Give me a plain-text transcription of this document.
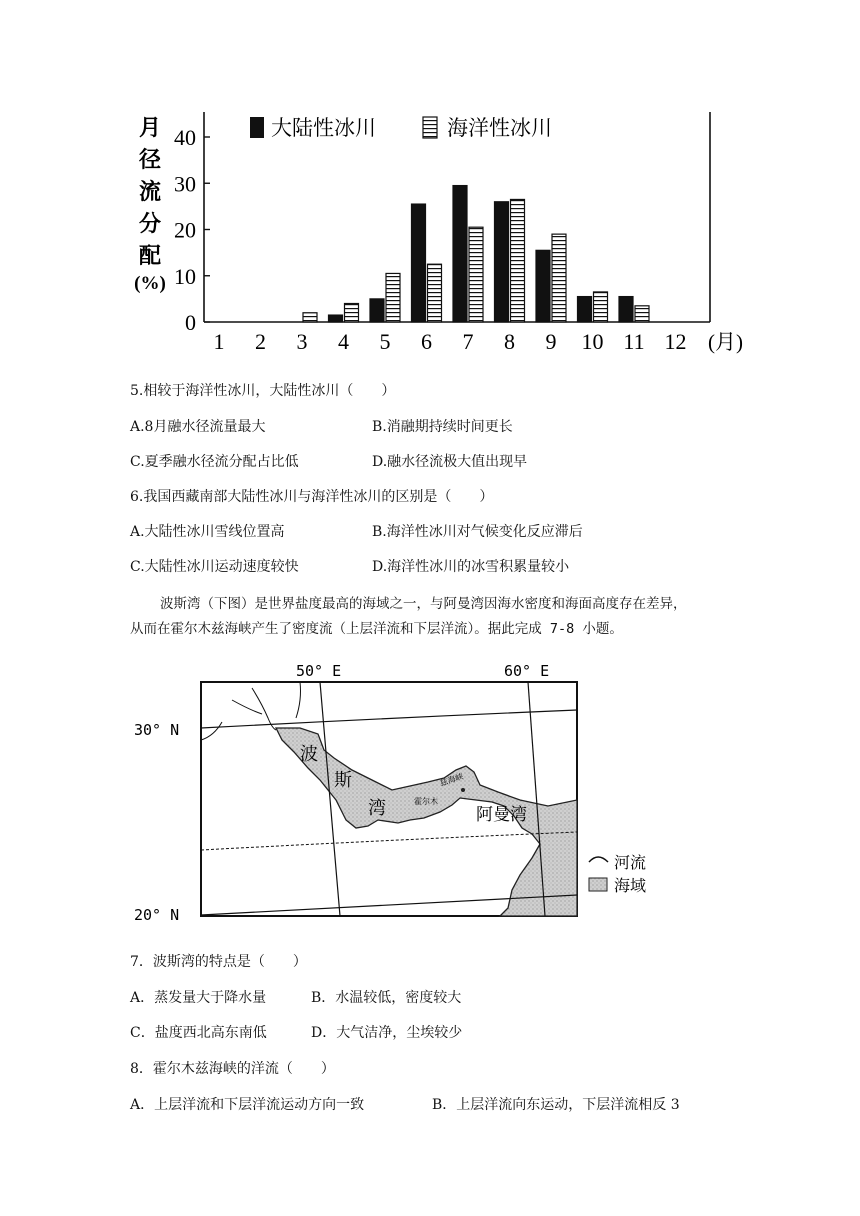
月
径
流
分
配
(%)
0
10
20
30
40
1 2 3 4 5 6 7 8 9 10 11 12
大陆性冰川	海洋性冰川
(月)
5.相较于海洋性冰川，大陆性冰川（　　）
A.8月融水径流量最大	B.消融期持续时间更长
C.夏季融水径流分配占比低	D.融水径流极大值出现早
6.我国西藏南部大陆性冰川与海洋性冰川的区别是（　　）
A.大陆性冰川雪线位置高	B.海洋性冰川对气候变化反应滞后
C.大陆性冰川运动速度较快	D.海洋性冰川的冰雪积累量较小
波斯湾（下图）是世界盐度最高的海域之一，与阿曼湾因海水密度和海面高度存在差异，
从而在霍尔木兹海峡产生了密度流（上层洋流和下层洋流）。据此完成 7-8 小题。
50° E	60° E
30° N
20° N
波
斯
湾	霍尔木
兹海峡
阿曼湾
河流
海域
7．波斯湾的特点是（　　）
A．蒸发量大于降水量	B．水温较低，密度较大
C．盐度西北高东南低	D．大气洁净，尘埃较少
8．霍尔木兹海峡的洋流（　　）
A．上层洋流和下层洋流运动方向一致	B．上层洋流向东运动，下层洋流相反 3
